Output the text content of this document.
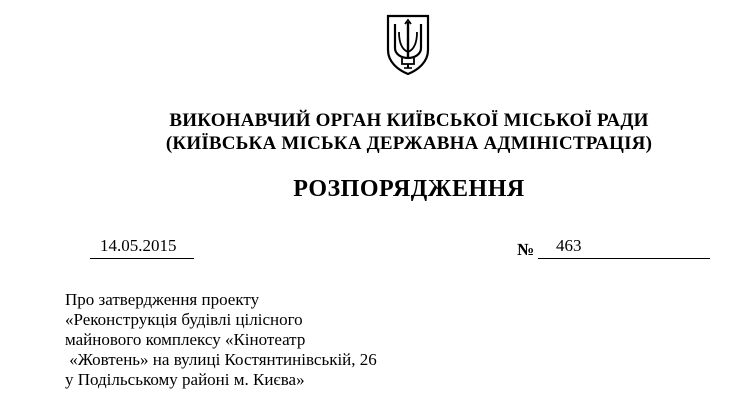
ВИКОНАВЧИЙ ОРГАН КИЇВСЬКОЇ МІСЬКОЇ РАДИ
(КИЇВСЬКА МІСЬКА ДЕРЖАВНА АДМІНІСТРАЦІЯ)
РОЗПОРЯДЖЕННЯ
14.05.2015	№ 463
Про затвердження проекту
«Реконструкція будівлі цілісного
майнового комплексу «Кінотеатр
«Жовтень» на вулиці Костянтинівській, 26
у Подільському районі м. Києва»
